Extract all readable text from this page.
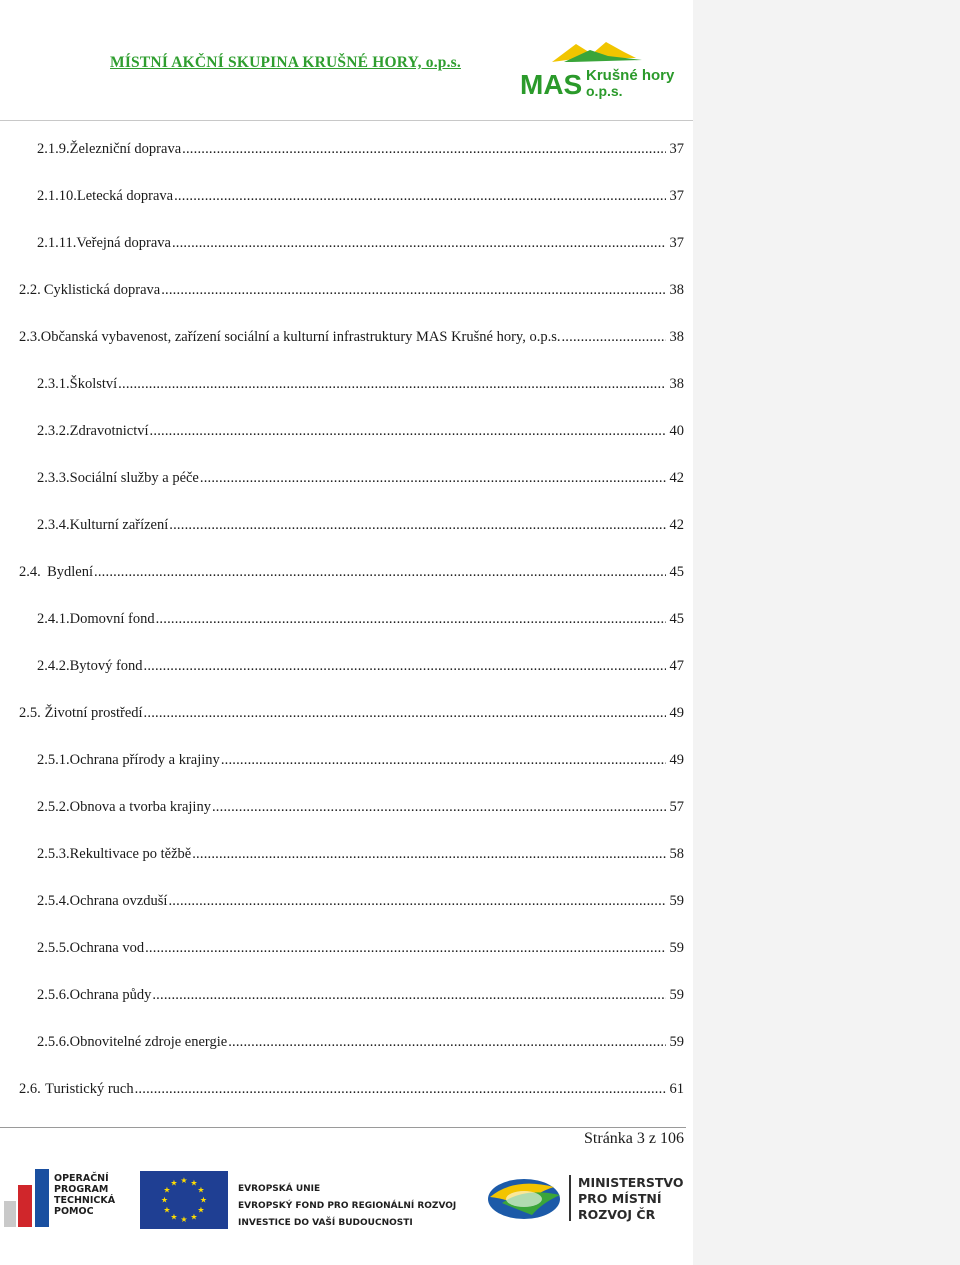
MÍSTNÍ AKČNÍ SKUPINA KRUŠNÉ HORY, o.p.s.
MAS Krušné hory
o.p.s.
2.1.9. Železniční doprava .....	37
2.1.10. Letecká doprava .....	37
2.1.11. Veřejná doprava .....	37
2.2. Cyklistická doprava .....	38
2.3. Občanská vybavenost, zařízení sociální a kulturní infrastruktury MAS Krušné hory, o.p.s. .....	38
2.3.1. Školství .....	38
2.3.2. Zdravotnictví .....	40
2.3.3. Sociální služby a péče .....	42
2.3.4. Kulturní zařízení .....	42
2.4. Bydlení .....	45
2.4.1. Domovní fond .....	45
2.4.2. Bytový fond .....	47
2.5. Životní prostředí .....	49
2.5.1. Ochrana přírody a krajiny .....	49
2.5.2. Obnova a tvorba krajiny .....	57
2.5.3. Rekultivace po těžbě .....	58
2.5.4. Ochrana ovzduší .....	59
2.5.5. Ochrana vod .....	59
2.5.6. Ochrana půdy .....	59
2.5.6. Obnovitelné zdroje energie .....	59
2.6. Turistický ruch .....	61
Stránka 3 z 106
OPERAČNÍ
PROGRAM
TECHNICKÁ
POMOC
★ ★
★
★
★
★
★
★
★
★
★
★
EVROPSKÁ UNIE
EVROPSKÝ FOND PRO REGIONÁLNÍ ROZVOJ
INVESTICE DO VAŠÍ BUDOUCNOSTI
MINISTERSTVO
PRO MÍSTNÍ
ROZVOJ ČR
